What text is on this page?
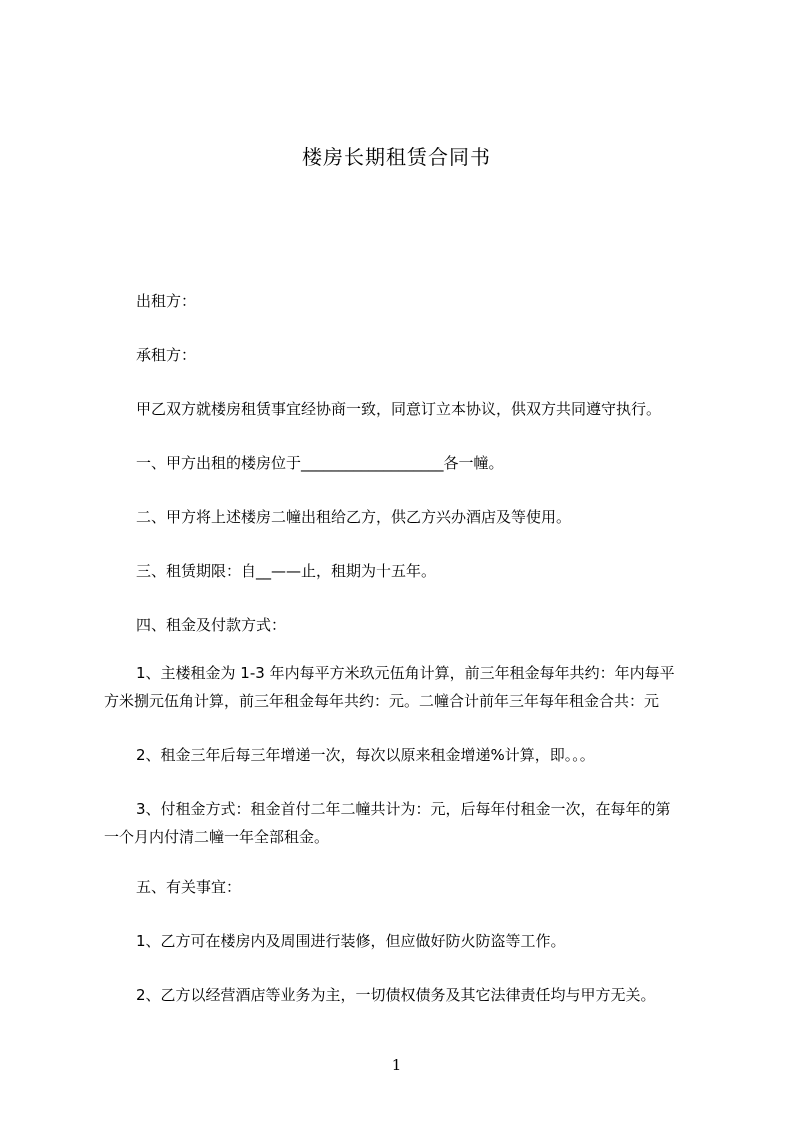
楼房长期租赁合同书
出租方：
承租方：
甲乙双方就楼房租赁事宜经协商一致，同意订立本协议，供双方共同遵守执行。
一、甲方出租的楼房位于___________________各一幢。
二、甲方将上述楼房二幢出租给乙方，供乙方兴办酒店及等使用。
三、租赁期限：自__——止，租期为十五年。
四、租金及付款方式：
1、主楼租金为 1-3 年内每平方米玖元伍角计算，前三年租金每年共约：年内每平
方米捌元伍角计算，前三年租金每年共约：元。二幢合计前年三年每年租金合共：元
2、租金三年后每三年增递一次，每次以原来租金增递%计算，即。。。
3、付租金方式：租金首付二年二幢共计为：元，后每年付租金一次，在每年的第
一个月内付清二幢一年全部租金。
五、有关事宜：
1、乙方可在楼房内及周围进行装修，但应做好防火防盗等工作。
2、乙方以经营酒店等业务为主，一切债权债务及其它法律责任均与甲方无关。
1
